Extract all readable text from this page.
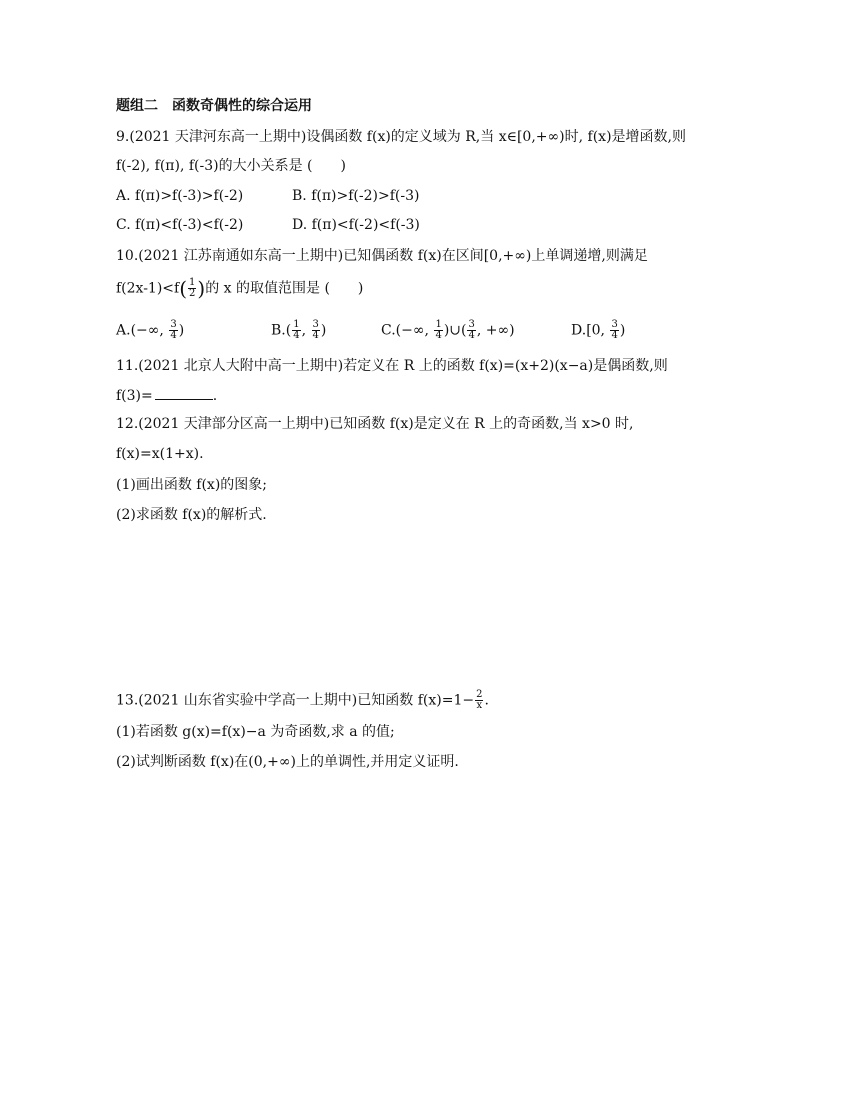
题组二　函数奇偶性的综合运用
9.(2021 天津河东高一上期中)设偶函数 f(x)的定义域为 R,当 x∈[0,+∞)时, f(x)是增函数,则
f(-2), f(π), f(-3)的大小关系是 (　　)
A. f(π)>f(-3)>f(-2)	B. f(π)>f(-2)>f(-3)
C. f(π)<f(-3)<f(-2)	D. f(π)<f(-2)<f(-3)
10.(2021 江苏南通如东高一上期中)已知偶函数 f(x)在区间[0,+∞)上单调递增,则满足
$f(2x-1)<f( \frac{1}{2}$ )的 x 的取值范围是 (　　)
A.(−∞, $\frac{3}{4}$ )	$B.( \frac{1}{4}$ , $\frac{3}{4}$ )	C.(−∞, $\frac{1}{4}$ )∪( $\frac{3}{4}$ , +∞)	D.[0, $\frac{3}{4}$ )
11.(2021 北京人大附中高一上期中)若定义在 R 上的函数 f(x)=(x+2)(x−a)是偶函数,则
f(3)=	.
12.(2021 天津部分区高一上期中)已知函数 f(x)是定义在 R 上的奇函数,当 x>0 时,
f(x)=x(1+x).
(1)画出函数 f(x)的图象;
(2)求函数 f(x)的解析式.
13.(2021 山东省实验中学高一上期中)已知函数 $f(x)=1- \frac{2}{x}$ .
(1)若函数 g(x)=f(x)−a 为奇函数,求 a 的值;
(2)试判断函数 f(x)在(0,+∞)上的单调性,并用定义证明.
